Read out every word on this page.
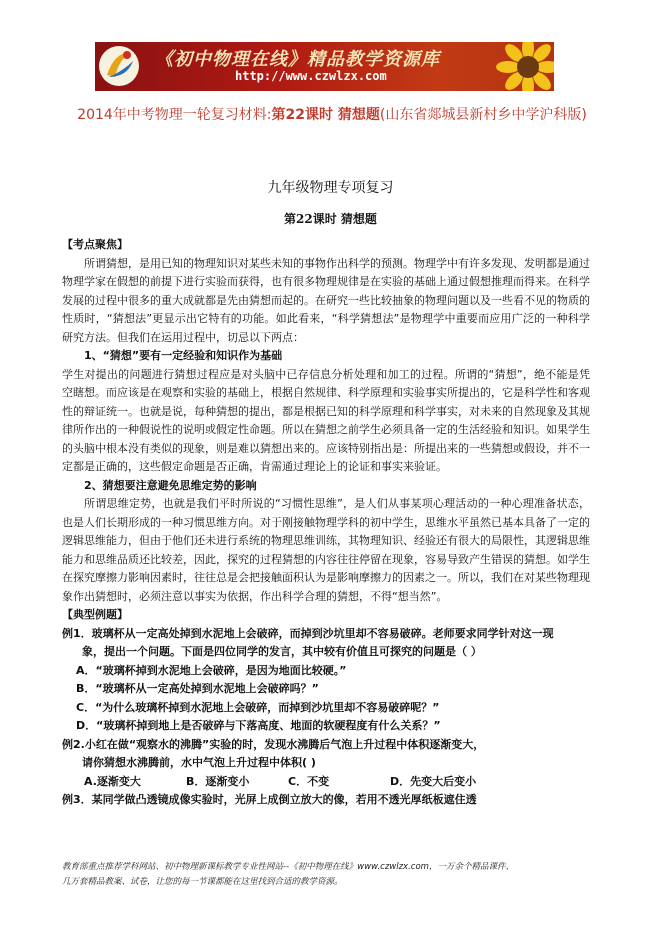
《初中物理在线》精品教学资源库
http://www.czwlzx.com
2014年中考物理一轮复习材料:第22课时 猜想题(山东省郯城县新村乡中学沪科版)
九年级物理专项复习
第22课时 猜想题

【考点聚焦】

所谓猜想，是用已知的物理知识对某些未知的事物作出科学的预测。物理学中有许多发现、发明都是通过物理学家在假想的前提下进行实验而获得，也有很多物理规律是在实验的基础上通过假想推理而得来。在科学发展的过程中很多的重大成就都是先由猜想而起的。在研究一些比较抽象的物理问题以及一些看不见的物质的性质时，“猜想法”更显示出它特有的功能。如此看来，“科学猜想法”是物理学中重要而应用广泛的一种科学研究方法。但我们在运用过程中，切忌以下两点：

1、“猜想”要有一定经验和知识作为基础

学生对提出的问题进行猜想过程应是对头脑中已存信息分析处理和加工的过程。所谓的“猜想”，绝不能是凭空瞎想。而应该是在观察和实验的基础上，根据自然规律、科学原理和实验事实所提出的，它是科学性和客观性的辩证统一。也就是说，每种猜想的提出，都是根据已知的科学原理和科学事实，对未来的自然现象及其规律所作出的一种假说性的说明或假定性命题。所以在猜想之前学生必须具备一定的生活经验和知识。如果学生的头脑中根本没有类似的现象，则是难以猜想出来的。应该特别指出是：所提出来的一些猜想或假设，并不一定都是正确的，这些假定命题是否正确，肯需通过理论上的论证和事实来验证。

2、猜想要注意避免思维定势的影响

所谓思维定势，也就是我们平时所说的“习惯性思维”，是人们从事某项心理活动的一种心理准备状态，也是人们长期形成的一种习惯思维方向。对于刚接触物理学科的初中学生，思维水平虽然已基本具备了一定的逻辑思维能力，但由于他们还未进行系统的物理思维训练，其物理知识、经验还有很大的局限性，其逻辑思维能力和思维品质还比较差，因此，探究的过程猜想的内容往往停留在现象，容易导致产生错误的猜想。如学生在探究摩擦力影响因素时，往往总是会把接触面积认为是影响摩擦力的因素之一。所以，我们在对某些物理现象作出猜想时，必须注意以事实为依据，作出科学合理的猜想，不得“想当然”。

【典型例题】

例1．玻璃杯从一定高处掉到水泥地上会破碎，而掉到沙坑里却不容易破碎。老师要求同学针对这一现

象，提出一个问题。下面是四位同学的发言，其中较有价值且可探究的问题是（ ）

A．“玻璃杯掉到水泥地上会破碎，是因为地面比较硬。”

B．“玻璃杯从一定高处掉到水泥地上会破碎吗？”

C．“为什么玻璃杯掉到水泥地上会破碎，而掉到沙坑里却不容易破碎呢？”

D．“玻璃杯掉到地上是否破碎与下落高度、地面的软硬程度有什么关系？”

例2.小红在做“观察水的沸腾”实验的时，发现水沸腾后气泡上升过程中体积逐渐变大，

请你猜想水沸腾前，水中气泡上升过程中体积( )

A.逐渐变大	B．逐渐变小	C．不变	D．先变大后变小

例3．某同学做凸透镜成像实验时，光屏上成倒立放大的像，若用不透光厚纸板遮住透

教育部重点推荐学科网站、初中物理新课标教学专业性网站--《初中物理在线》www.czwlzx.com，一万余个精品课件、
几万套精品教案、试卷，让您的每一节课都能在这里找到合适的教学资源。
